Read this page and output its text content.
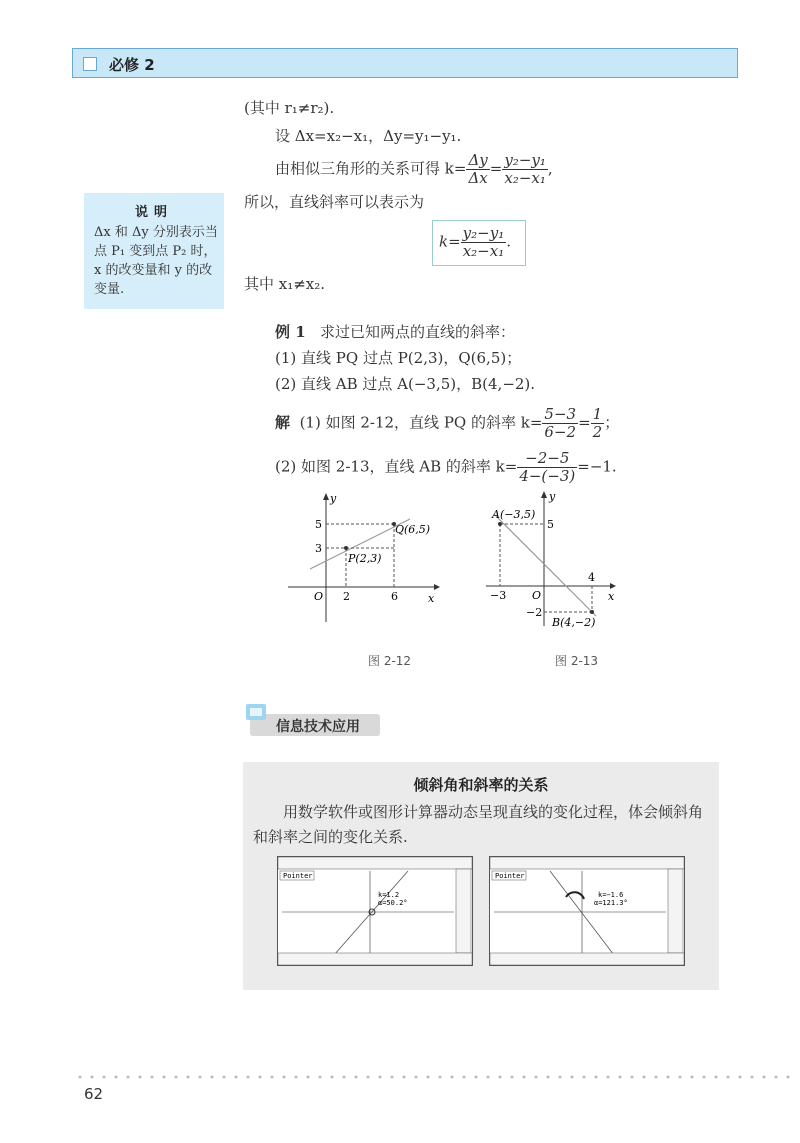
必修 2
(其中 r₁≠r₂).
设 Δx=x₂−x₁，Δy=y₁−y₁.
由相似三角形的关系可得 $k= \frac{\Delta y}{\Delta x} = \frac{\text{y₂−y₁}}{\text{x₂−x₁}}$ ,
所以，直线斜率可以表示为
$k= \frac{\text{y₂−y₁}}{\text{x₂−x₁}}$ .
其中 x₁≠x₂.
说明
Δx 和 Δy 分别表示当点 P₁ 变到点 P₂ 时，x 的改变量和 y 的改变量.
例 1 求过已知两点的直线的斜率：
(1) 直线 PQ 过点 P(2,3)，Q(6,5)；
(2) 直线 AB 过点 A(−3,5)，B(4,−2).
解 (1) 如图 2-12，直线 PQ 的斜率 $k= \frac{5-3}{6-2} = \frac{1}{2}$ ；
(2) 如图 2-13，直线 AB 的斜率 $k= \frac{-2-5}{4-(-3)} =-1$.
y
x
O 2	6
3
5
P(2,3)
Q(6,5)
图 2-12
y
x
O
−3
4
5
−2
A(−3,5)
B(4,−2)
图 2-13
信息技术应用
倾斜角和斜率的关系
用数学软件或图形计算器动态呈现直线的变化过程，体会倾斜角和斜率之间的变化关系.
Pointer
k=1.2
α=50.2°
Pointer
k=−1.6
α=121.3°
62
